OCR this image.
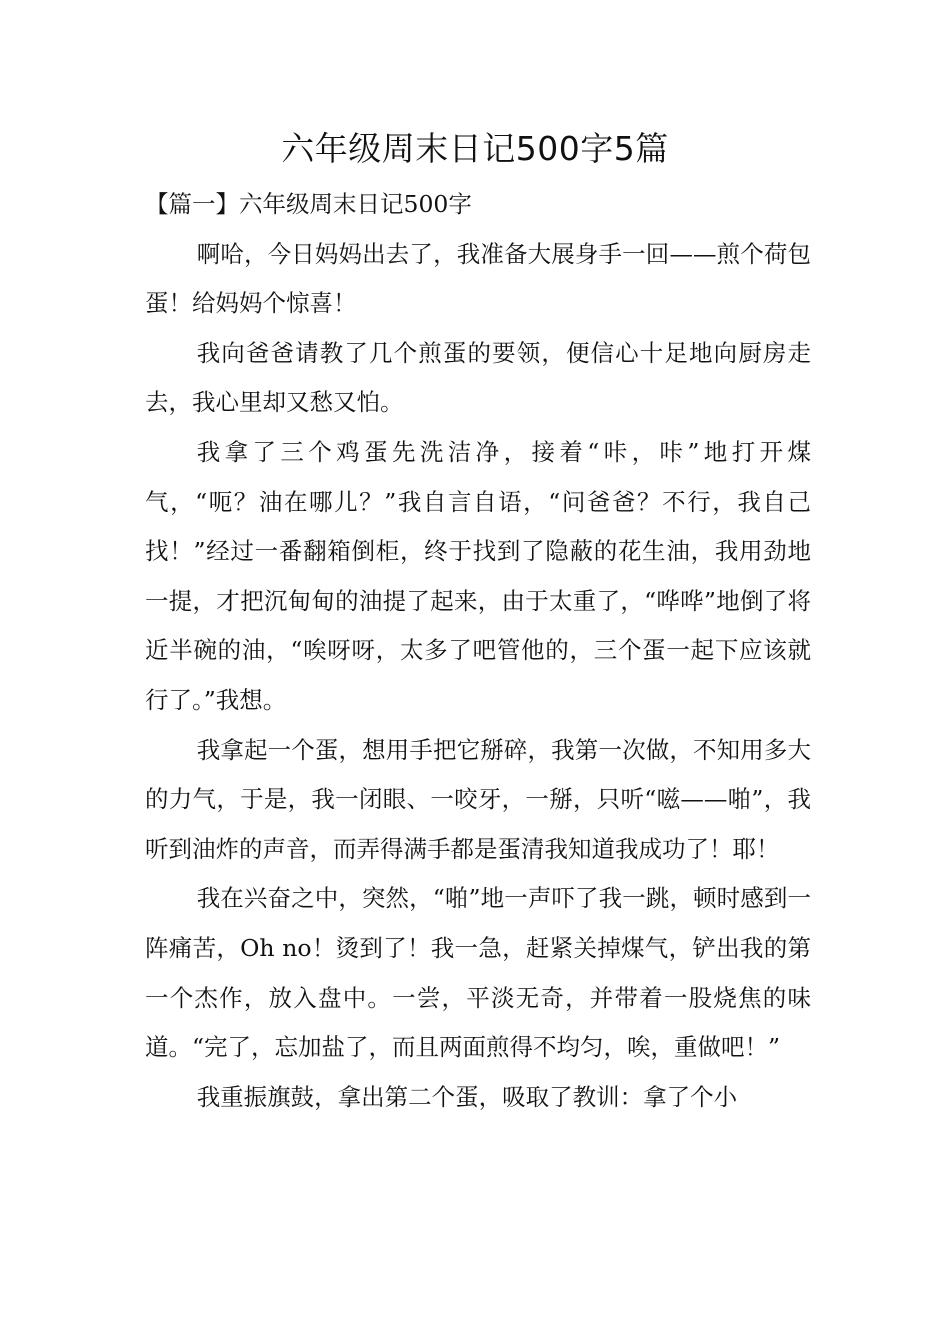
六年级周末日记500字5篇

【篇一】六年级周末日记500字

啊哈，今日妈妈出去了，我准备大展身手一回——煎个荷包蛋！给妈妈个惊喜！

我向爸爸请教了几个煎蛋的要领，便信心十足地向厨房走去，我心里却又愁又怕。

我拿了三个鸡蛋先洗洁净，接着“咔，咔”地打开煤气，“呃？油在哪儿？”我自言自语，“问爸爸？不行，我自己找！”经过一番翻箱倒柜，终于找到了隐蔽的花生油，我用劲地一提，才把沉甸甸的油提了起来，由于太重了，“哗哗”地倒了将近半碗的油，“唉呀呀，太多了吧管他的，三个蛋一起下应该就行了。”我想。

我拿起一个蛋，想用手把它掰碎，我第一次做，不知用多大的力气，于是，我一闭眼、一咬牙，一掰，只听“嗞——啪”，我听到油炸的声音，而弄得满手都是蛋清我知道我成功了！耶！

我在兴奋之中，突然，“啪”地一声吓了我一跳，顿时感到一阵痛苦，Oh no！烫到了！我一急，赶紧关掉煤气，铲出我的第一个杰作，放入盘中。一尝，平淡无奇，并带着一股烧焦的味道。“完了，忘加盐了，而且两面煎得不均匀，唉，重做吧！”

我重振旗鼓，拿出第二个蛋，吸取了教训：拿了个小
